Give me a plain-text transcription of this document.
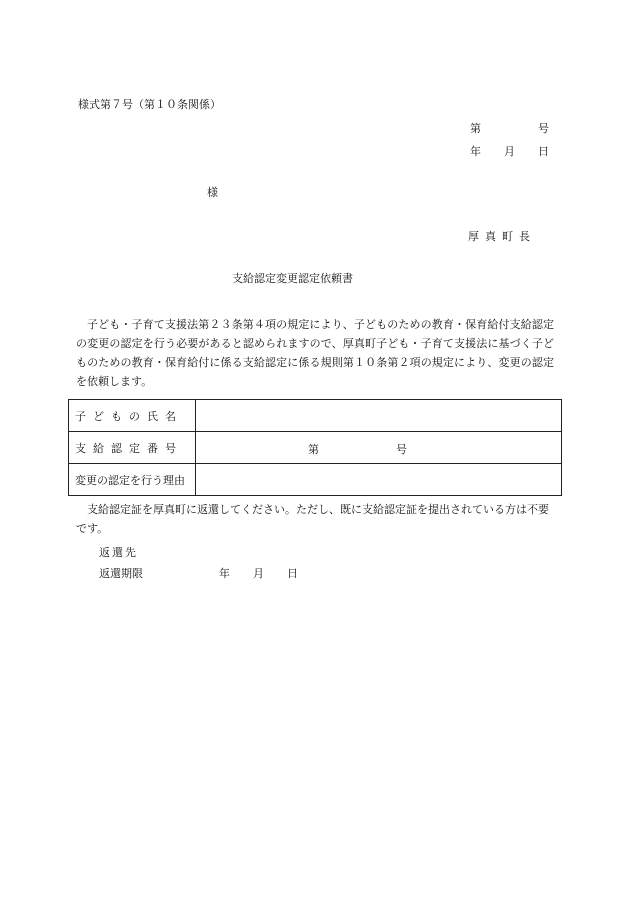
様式第７号（第１０条関係）
第	号
年 月 日
様
厚真町長
支給認定変更認定依頼書
子ども・子育て支援法第２３条第４項の規定により、子どものための教育・保育給付支給認定の変更の認定を行う必要があると認められますので、厚真町子ども・子育て支援法に基づく子どものための教育・保育給付に係る支給認定に係る規則第１０条第２項の規定により、変更の認定を依頼します。
子どもの氏名	
支給認定番号	第 号

変更の認定を行う理由	
支給認定証を厚真町に返還してください。ただし、既に支給認定証を提出されている方は不要です。
返還先
返還期限	年 月 日
